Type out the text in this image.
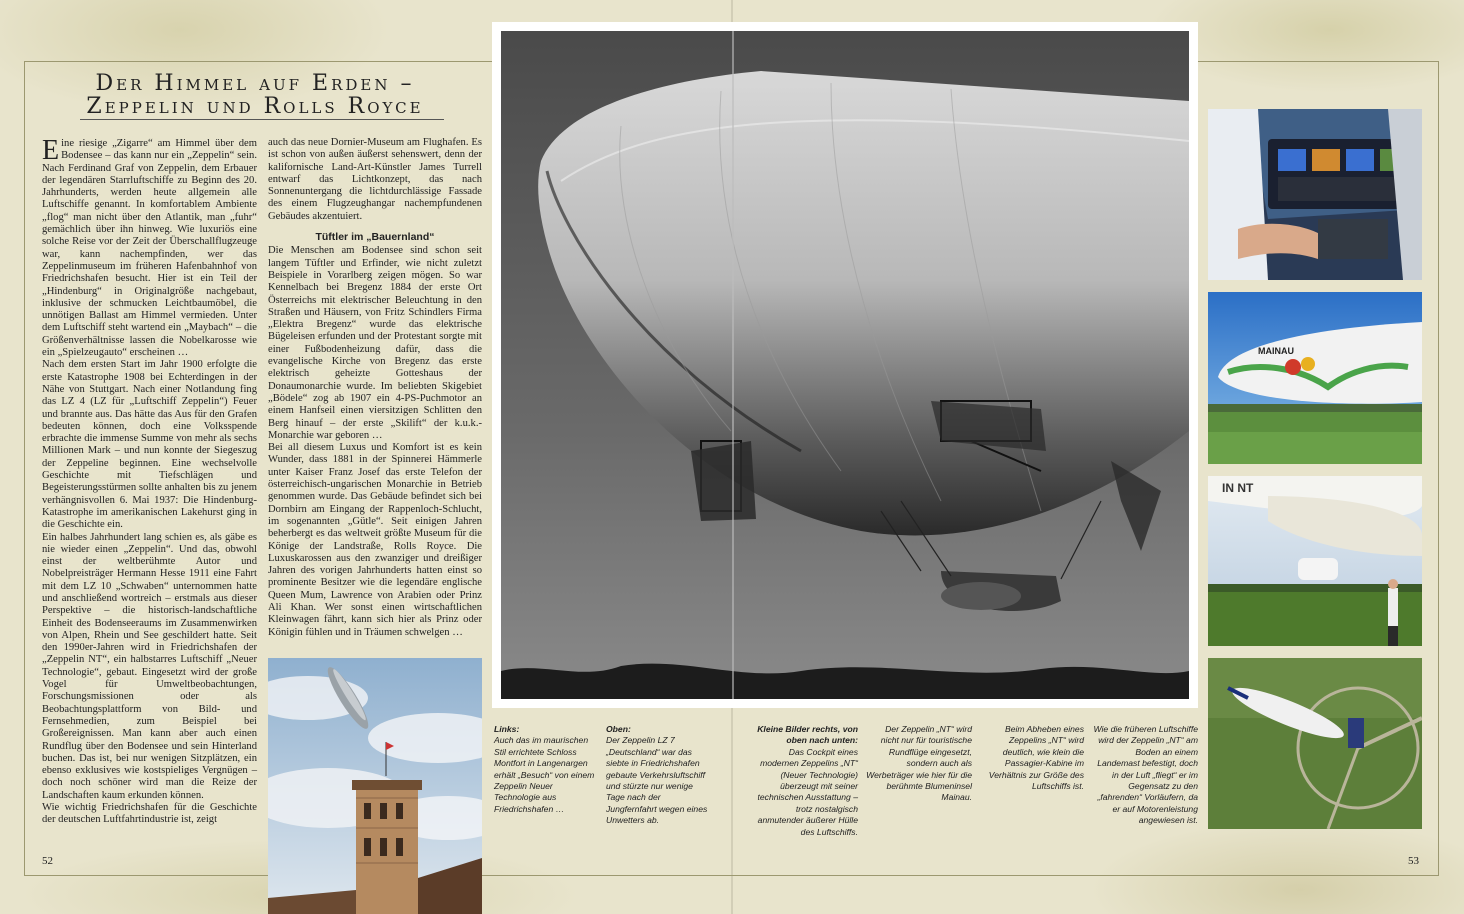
Der Himmel auf Erden –
Zeppelin und Rolls Royce

Eine riesige „Zigarre“ am Himmel über dem Bodensee – das kann nur ein „Zeppelin“ sein. Nach Ferdinand Graf von Zeppelin, dem Erbauer der legendären Starrluftschiffe zu Beginn des 20. Jahrhunderts, werden heute allgemein alle Luftschiffe genannt. In komfortablem Ambiente „flog“ man nicht über den Atlantik, man „fuhr“ gemächlich über ihn hinweg. Wie luxuriös eine solche Reise vor der Zeit der Überschallflugzeuge war, kann nachempfinden, wer das Zeppelinmuseum im früheren Hafenbahnhof von Friedrichshafen besucht. Hier ist ein Teil der „Hindenburg“ in Originalgröße nachgebaut, inklusive der schmucken Leichtbaumöbel, die unnötigen Ballast am Himmel vermieden. Unter dem Luftschiff steht wartend ein „Maybach“ – die Größenverhältnisse lassen die Nobelkarosse wie ein „Spielzeugauto“ erscheinen …

Nach dem ersten Start im Jahr 1900 erfolgte die erste Katastrophe 1908 bei Echterdingen in der Nähe von Stuttgart. Nach einer Notlandung fing das LZ 4 (LZ für „Luftschiff Zeppelin“) Feuer und brannte aus. Das hätte das Aus für den Grafen bedeuten können, doch eine Volksspende erbrachte die immense Summe von mehr als sechs Millionen Mark – und nun konnte der Siegeszug der Zeppeline beginnen. Eine wechselvolle Geschichte mit Tiefschlägen und Begeisterungsstürmen sollte anhalten bis zu jenem verhängnisvollen 6. Mai 1937: Die Hindenburg-Katastrophe im amerikanischen Lakehurst ging in die Geschichte ein.

Ein halbes Jahrhundert lang schien es, als gäbe es nie wieder einen „Zeppelin“. Und das, obwohl einst der weltberühmte Autor und Nobelpreisträger Hermann Hesse 1911 eine Fahrt mit dem LZ 10 „Schwaben“ unternommen hatte und anschließend wortreich – erstmals aus dieser Perspektive – die historisch-landschaftliche Einheit des Bodenseeraums im Zusammenwirken von Alpen, Rhein und See geschildert hatte. Seit den 1990er-Jahren wird in Friedrichshafen der „Zeppelin NT“, ein halbstarres Luftschiff „Neuer Technologie“, gebaut. Eingesetzt wird der große Vogel für Umweltbeobachtungen, Forschungsmissionen oder als Beobachtungsplattform von Bild- und Fernsehmedien, zum Beispiel bei Großereignissen. Man kann aber auch einen Rundflug über den Bodensee und sein Hinterland buchen. Das ist, bei nur wenigen Sitzplätzen, ein ebenso exklusives wie kostspieliges Vergnügen – doch noch schöner wird man die Reize der Landschaften kaum erkunden können.

Wie wichtig Friedrichshafen für die Geschichte der deutschen Luftfahrtindustrie ist, zeigt

auch das neue Dornier-Museum am Flughafen. Es ist schon von außen äußerst sehenswert, denn der kalifornische Land-Art-Künstler James Turrell entwarf das Lichtkonzept, das nach Sonnenuntergang die lichtdurchlässige Fassade des einem Flugzeughangar nachempfundenen Gebäudes akzentuiert.

Tüftler im „Bauernland“

Die Menschen am Bodensee sind schon seit langem Tüftler und Erfinder, wie nicht zuletzt Beispiele in Vorarlberg zeigen mögen. So war Kennelbach bei Bregenz 1884 der erste Ort Österreichs mit elektrischer Beleuchtung in den Straßen und Häusern, von Fritz Schindlers Firma „Elektra Bregenz“ wurde das elektrische Bügeleisen erfunden und der Protestant sorgte mit einer Fußbodenheizung dafür, dass die evangelische Kirche von Bregenz das erste elektrisch geheizte Gotteshaus der Donaumonarchie wurde. Im beliebten Skigebiet „Bödele“ zog ab 1907 ein 4-PS-Puchmotor an einem Hanfseil einen viersitzigen Schlitten den Berg hinauf – der erste „Skilift“ der k.u.k.-Monarchie war geboren …

Bei all diesem Luxus und Komfort ist es kein Wunder, dass 1881 in der Spinnerei Hämmerle unter Kaiser Franz Josef das erste Telefon der österreichisch-ungarischen Monarchie in Betrieb genommen wurde. Das Gebäude befindet sich bei Dornbirn am Eingang der Rappenloch-Schlucht, im sogenannten „Gütle“. Seit einigen Jahren beherbergt es das weltweit größte Museum für die Könige der Landstraße, Rolls Royce. Die Luxuskarossen aus den zwanziger und dreißiger Jahren des vorigen Jahrhunderts hatten einst so prominente Besitzer wie die legendäre englische Queen Mum, Lawrence von Arabien oder Prinz Ali Khan. Wer sonst einen wirtschaftlichen Kleinwagen fährt, kann sich hier als Prinz oder Königin fühlen und in Träumen schwelgen …

MAINAU
IN NT
Links:
Auch das im maurischen Stil errichtete Schloss Montfort in Langenargen erhält „Besuch“ von einem Zeppelin Neuer Technologie aus Friedrichshafen …
Oben:
Der Zeppelin LZ 7 „Deutschland“ war das siebte in Friedrichshafen gebaute Verkehrsluftschiff und stürzte nur wenige Tage nach der Jungfernfahrt wegen eines Unwetters ab.
Kleine Bilder rechts, von oben nach unten:
Das Cockpit eines modernen Zeppelins „NT“ (Neuer Technologie) überzeugt mit seiner technischen Ausstattung – trotz nostalgisch anmutender äußerer Hülle des Luftschiffs.
Der Zeppelin „NT“ wird nicht nur für touristische Rundflüge eingesetzt, sondern auch als Werbeträger wie hier für die berühmte Blumeninsel Mainau.
Beim Abheben eines Zeppelins „NT“ wird deutlich, wie klein die Passagier-Kabine im Verhältnis zur Größe des Luftschiffs ist.
Wie die früheren Luftschiffe wird der Zeppelin „NT“ am Boden an einem Landemast befestigt, doch in der Luft „fliegt“ er im Gegensatz zu den „fahrenden“ Vorläufern, da er auf Motorenleistung angewiesen ist.
52	53
